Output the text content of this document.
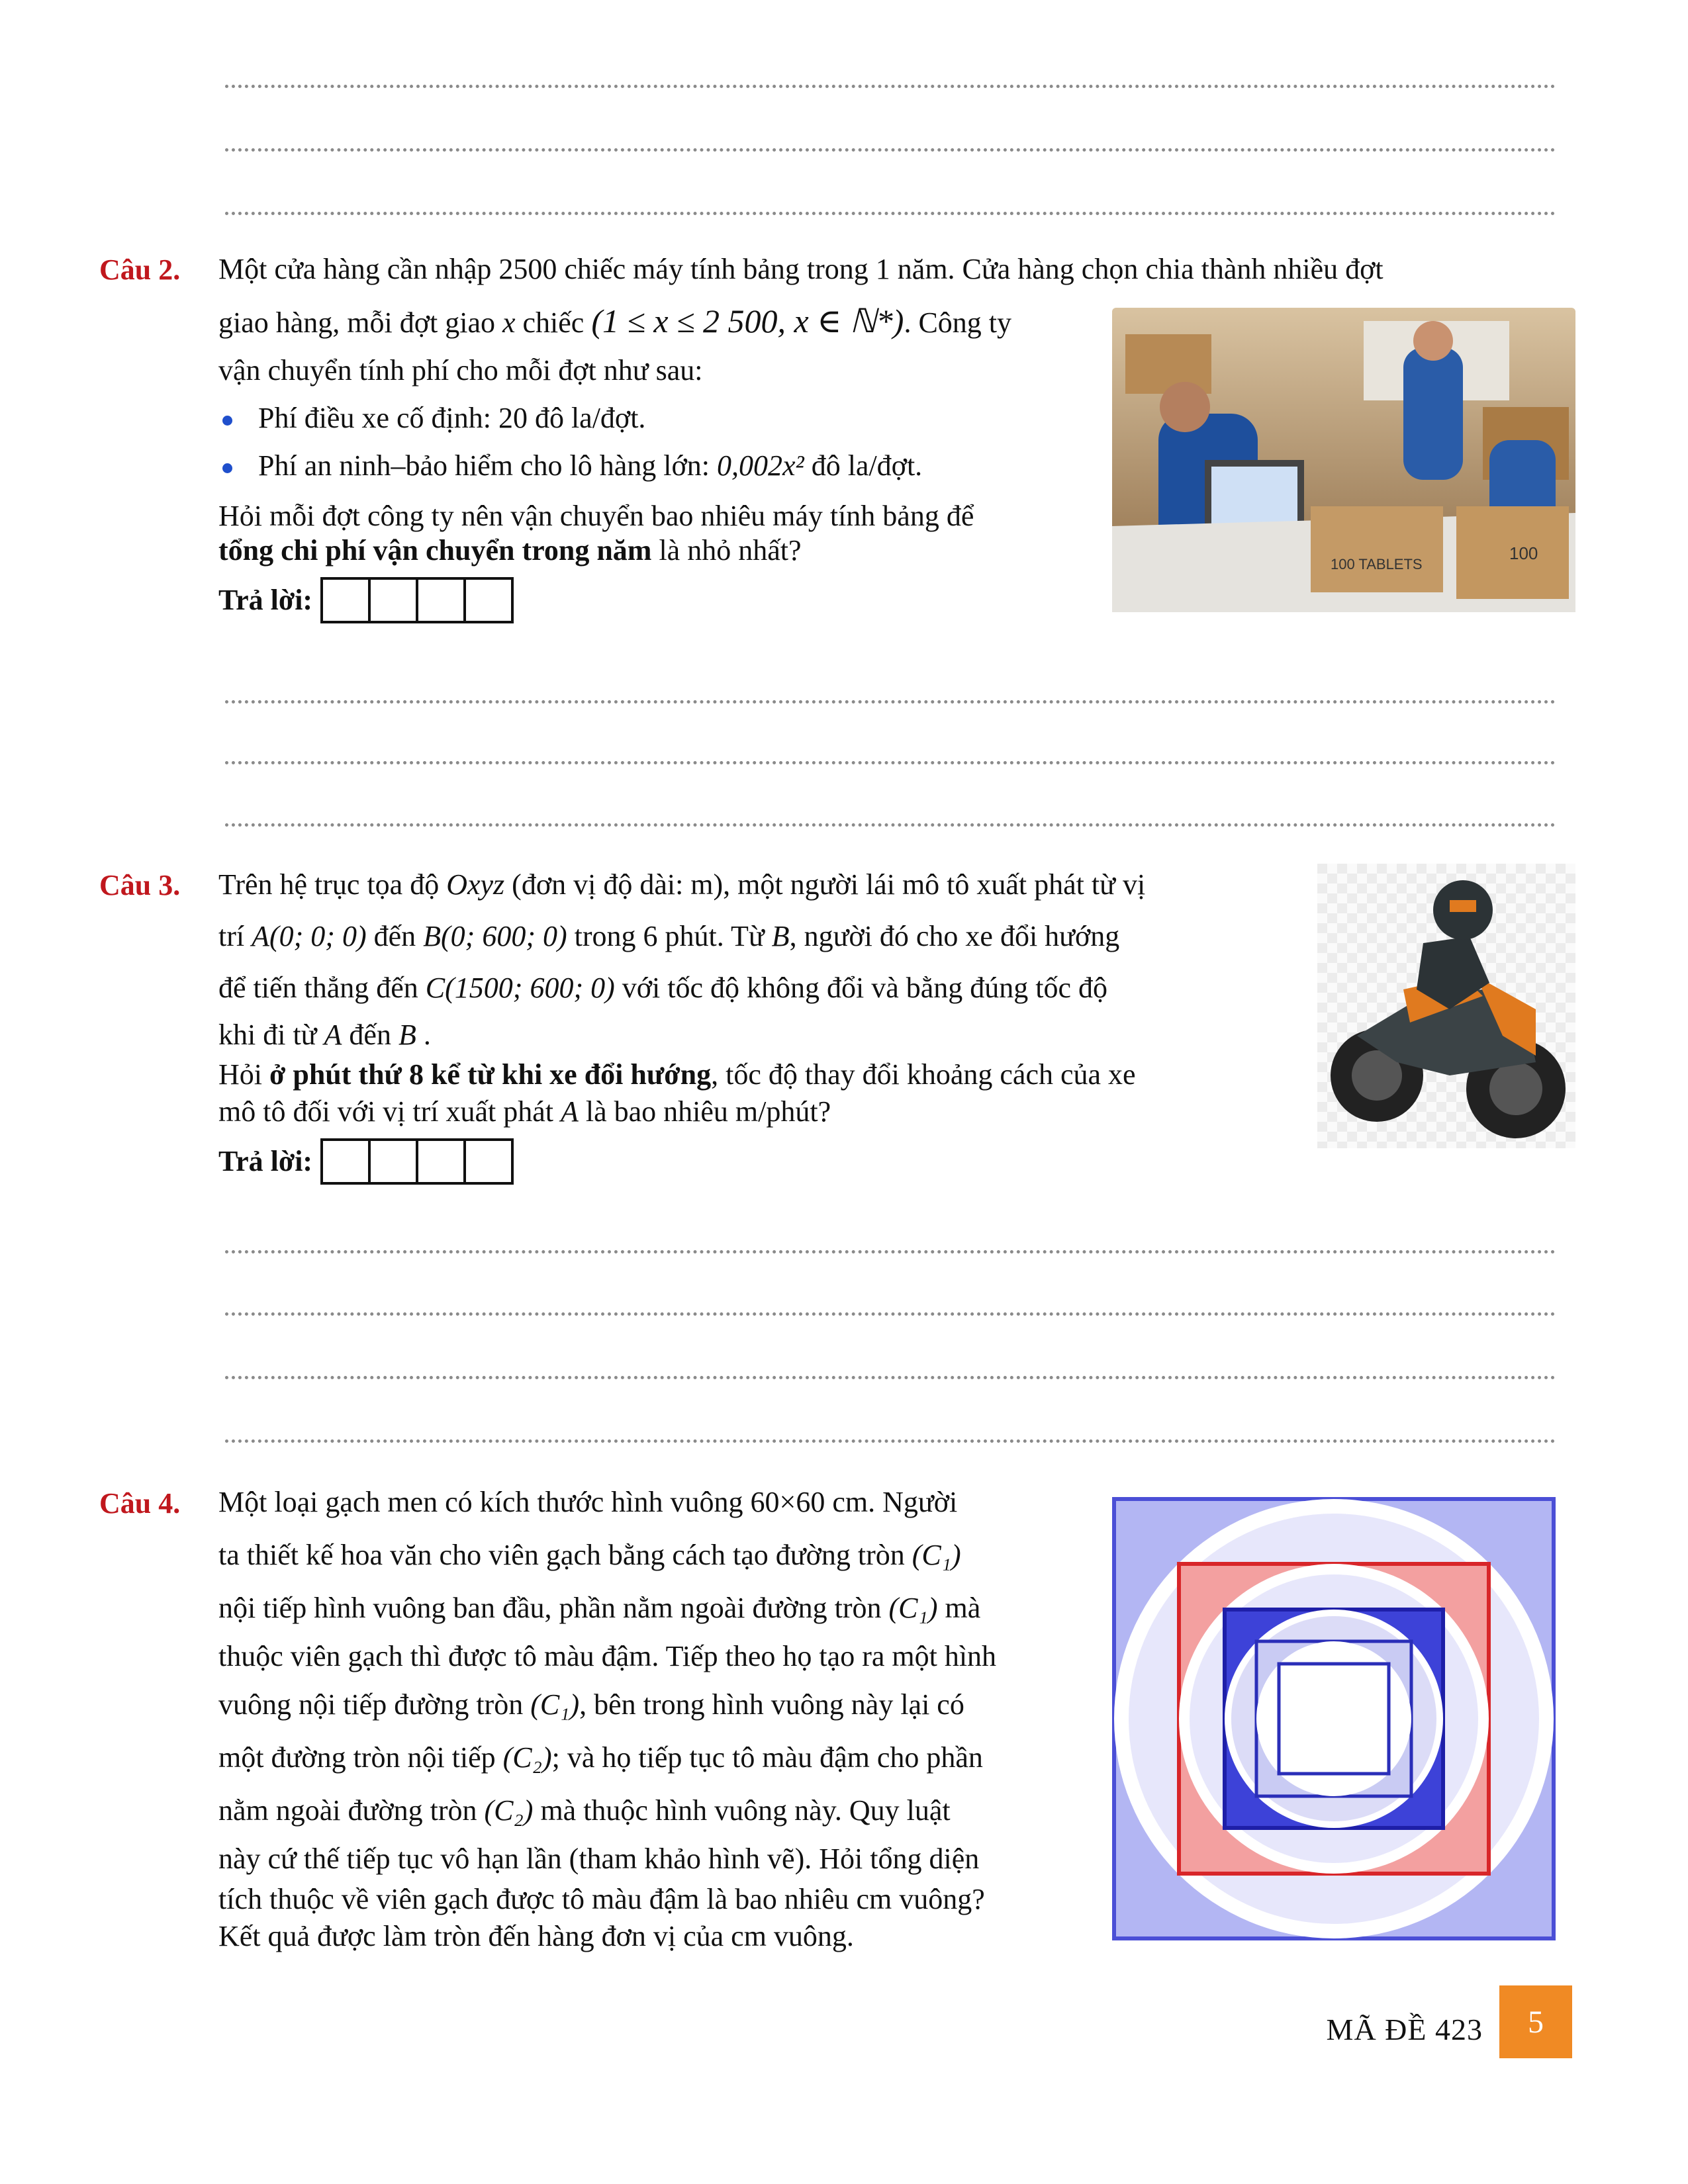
Câu 2. Một cửa hàng cần nhập 2500 chiếc máy tính bảng trong 1 năm. Cửa hàng chọn chia thành nhiều đợt

giao hàng, mỗi đợt giao x chiếc (1 ≤ x ≤ 2 500, x ∈ ℕ*). Công ty

vận chuyển tính phí cho mỗi đợt như sau:

Phí điều xe cố định: 20 đô la/đợt.

Phí an ninh–bảo hiểm cho lô hàng lớn: 0,002x² đô la/đợt.

Hỏi mỗi đợt công ty nên vận chuyển bao nhiêu máy tính bảng để
tổng chi phí vận chuyển trong năm là nhỏ nhất?

Trả lời:
100 TABLETS
100
Câu 3. Trên hệ trục tọa độ Oxyz (đơn vị độ dài: m), một người lái mô tô xuất phát từ vị

trí A(0; 0; 0) đến B(0; 600; 0) trong 6 phút. Từ B, người đó cho xe đổi hướng

để tiến thẳng đến C(1500; 600; 0) với tốc độ không đổi và bằng đúng tốc độ

khi đi từ A đến B .

Hỏi ở phút thứ 8 kể từ khi xe đổi hướng, tốc độ thay đổi khoảng cách của xe

mô tô đối với vị trí xuất phát A là bao nhiêu m/phút?

Trả lời:
Câu 4. Một loại gạch men có kích thước hình vuông 60×60 cm. Người

ta thiết kế hoa văn cho viên gạch bằng cách tạo đường tròn (C₁)

nội tiếp hình vuông ban đầu, phần nằm ngoài đường tròn (C₁) mà

thuộc viên gạch thì được tô màu đậm. Tiếp theo họ tạo ra một hình

vuông nội tiếp đường tròn (C₁), bên trong hình vuông này lại có

một đường tròn nội tiếp (C₂); và họ tiếp tục tô màu đậm cho phần

nằm ngoài đường tròn (C₂) mà thuộc hình vuông này. Quy luật

này cứ thế tiếp tục vô hạn lần (tham khảo hình vẽ). Hỏi tổng diện

tích thuộc về viên gạch được tô màu đậm là bao nhiêu cm vuông?

Kết quả được làm tròn đến hàng đơn vị của cm vuông.

MÃ ĐỀ 423	5
